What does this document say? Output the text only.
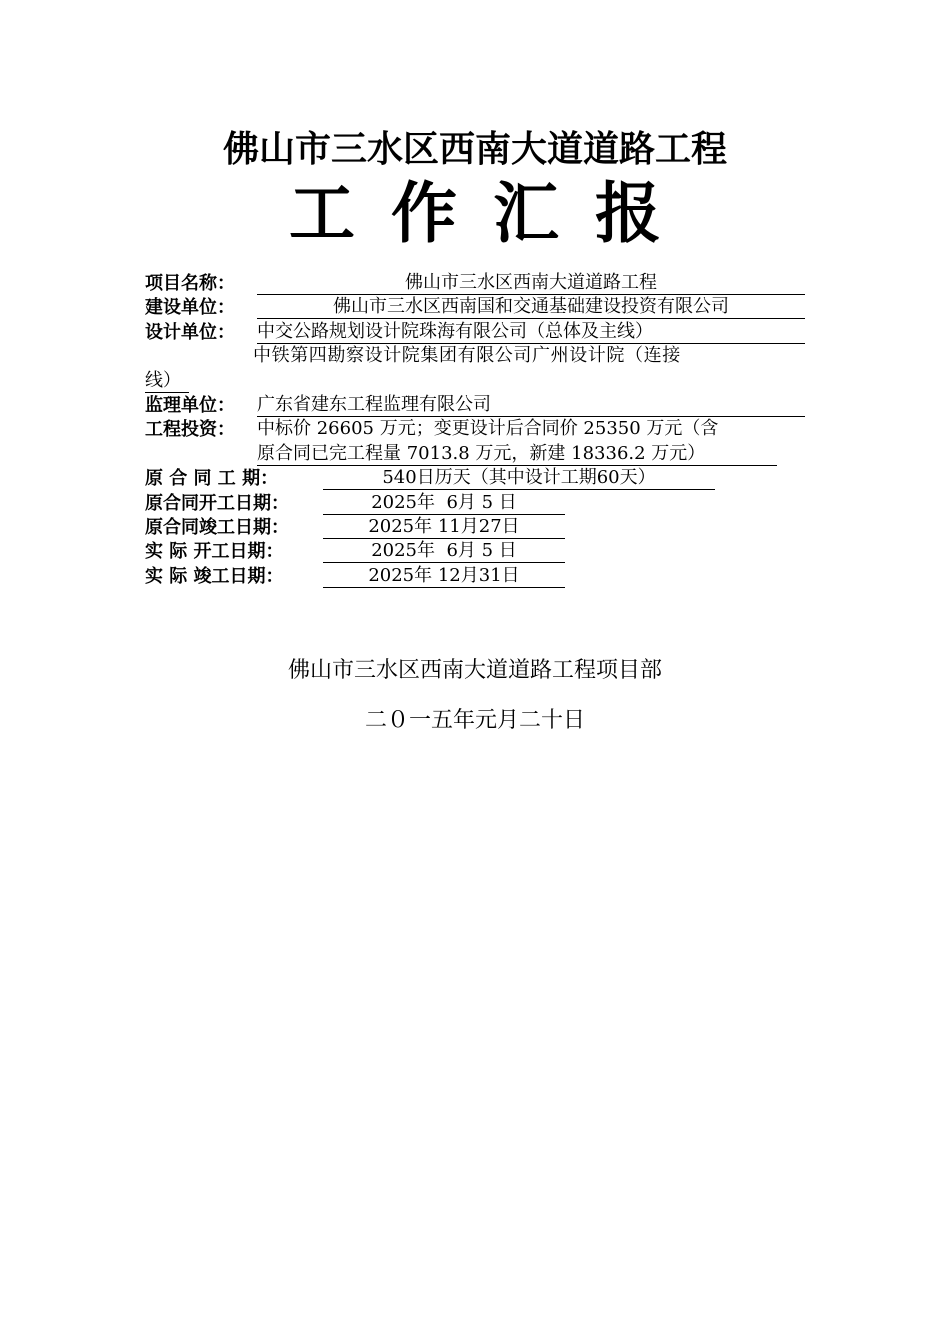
佛山市三水区西南大道道路工程
工作汇报
项目名称：	佛山市三水区西南大道道路工程
建设单位：	佛山市三水区西南国和交通基础建设投资有限公司
设计单位： 中交公路规划设计院珠海有限公司（总体及主线）
中铁第四勘察设计院集团有限公司广州设计院（连接
线）
监理单位： 广东省建东工程监理有限公司
工程投资： 中标价 26605 万元；变更设计后合同价 25350 万元（含
原合同已完工程量 7013.8 万元，新建 18336.2 万元）
原 合 同 工 期：	540日历天（其中设计工期60天）
原合同开工日期：	2025年  6月 5 日
原合同竣工日期：	2025年 11月27日
实 际 开工日期：	2025年  6月 5 日
实 际 竣工日期：	2025年 12月31日
佛山市三水区西南大道道路工程项目部
二０一五年元月二十日
